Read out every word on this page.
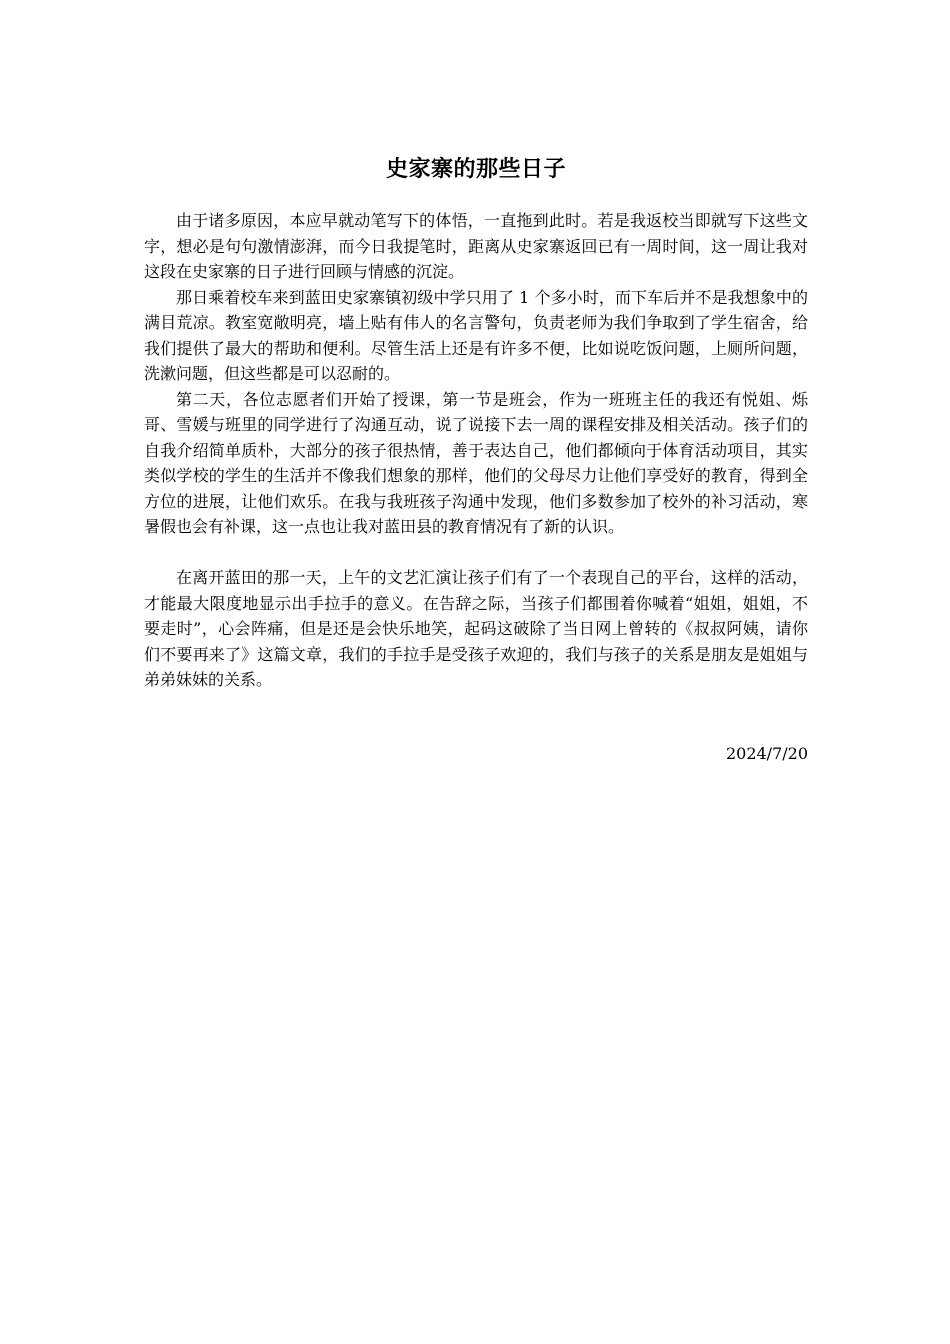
史家寨的那些日子

由于诸多原因，本应早就动笔写下的体悟，一直拖到此时。若是我返校当即就写下这些文字，想必是句句激情澎湃，而今日我提笔时，距离从史家寨返回已有一周时间，这一周让我对这段在史家寨的日子进行回顾与情感的沉淀。

那日乘着校车来到蓝田史家寨镇初级中学只用了 1 个多小时，而下车后并不是我想象中的满目荒凉。教室宽敞明亮，墙上贴有伟人的名言警句，负责老师为我们争取到了学生宿舍，给我们提供了最大的帮助和便利。尽管生活上还是有许多不便，比如说吃饭问题，上厕所问题，洗漱问题，但这些都是可以忍耐的。

第二天，各位志愿者们开始了授课，第一节是班会，作为一班班主任的我还有悦姐、烁哥、雪媛与班里的同学进行了沟通互动，说了说接下去一周的课程安排及相关活动。孩子们的自我介绍简单质朴，大部分的孩子很热情，善于表达自己，他们都倾向于体育活动项目，其实类似学校的学生的生活并不像我们想象的那样，他们的父母尽力让他们享受好的教育，得到全方位的进展，让他们欢乐。在我与我班孩子沟通中发现，他们多数参加了校外的补习活动，寒暑假也会有补课，这一点也让我对蓝田县的教育情况有了新的认识。

在离开蓝田的那一天，上午的文艺汇演让孩子们有了一个表现自己的平台，这样的活动，才能最大限度地显示出手拉手的意义。在告辞之际，当孩子们都围着你喊着“姐姐，姐姐，不要走时”，心会阵痛，但是还是会快乐地笑，起码这破除了当日网上曾转的《叔叔阿姨，请你们不要再来了》这篇文章，我们的手拉手是受孩子欢迎的，我们与孩子的关系是朋友是姐姐与弟弟妹妹的关系。

2024/7/20
